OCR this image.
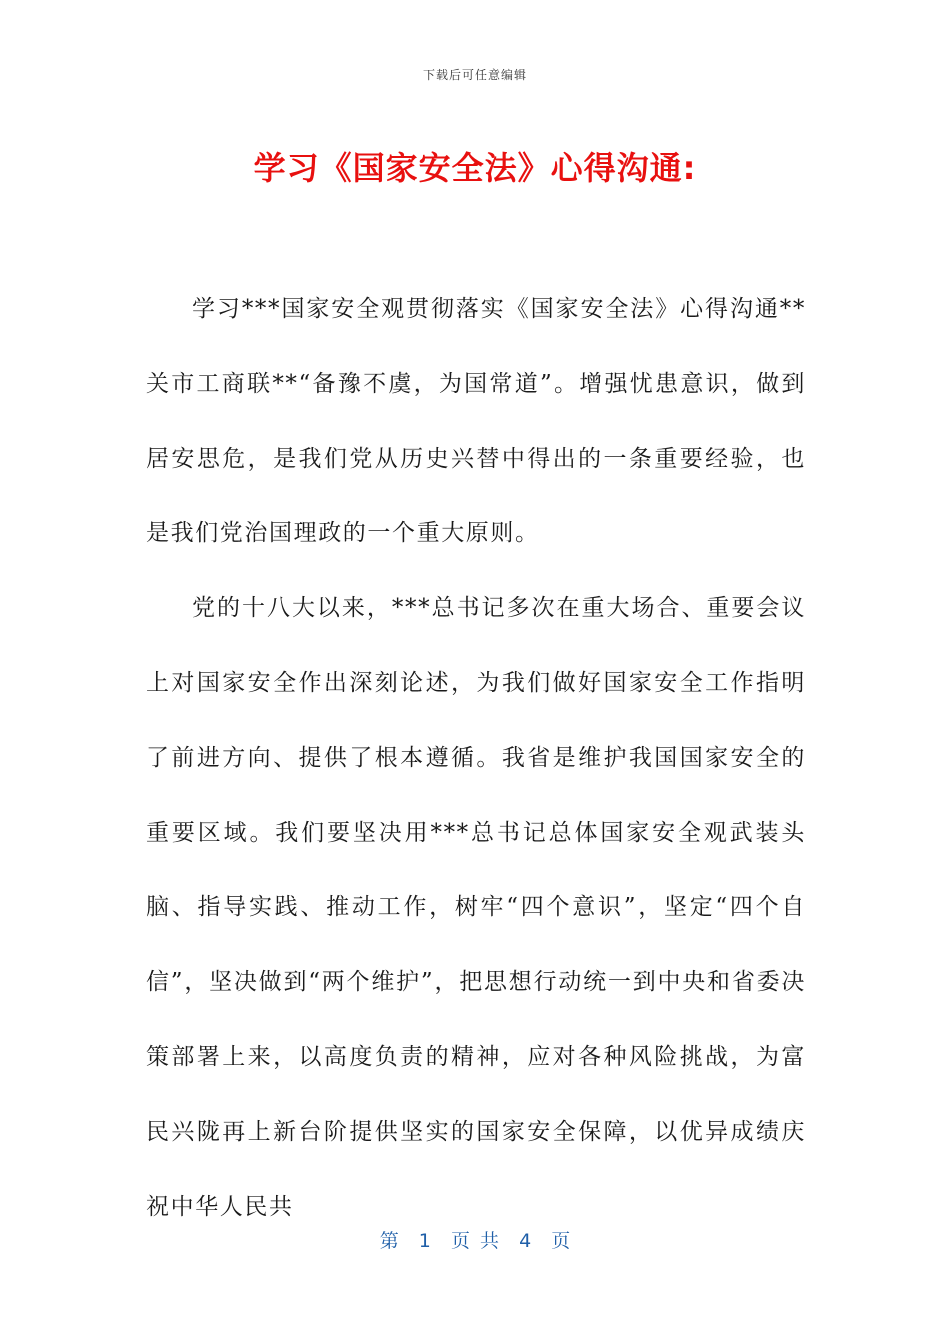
下载后可任意编辑
学习《国家安全法》心得沟通:

学习***国家安全观贯彻落实《国家安全法》心得沟通**关市工商联**“备豫不虞，为国常道”。增强忧患意识，做到居安思危，是我们党从历史兴替中得出的一条重要经验，也是我们党治国理政的一个重大原则。

党的十八大以来，***总书记多次在重大场合、重要会议上对国家安全作出深刻论述，为我们做好国家安全工作指明了前进方向、提供了根本遵循。我省是维护我国国家安全的重要区域。我们要坚决用***总书记总体国家安全观武装头脑、指导实践、推动工作，树牢“四个意识”，坚定“四个自信”，坚决做到“两个维护”，把思想行动统一到中央和省委决策部署上来，以高度负责的精神，应对各种风险挑战，为富民兴陇再上新台阶提供坚实的国家安全保障，以优异成绩庆祝中华人民共

第  1  页 共  4  页
